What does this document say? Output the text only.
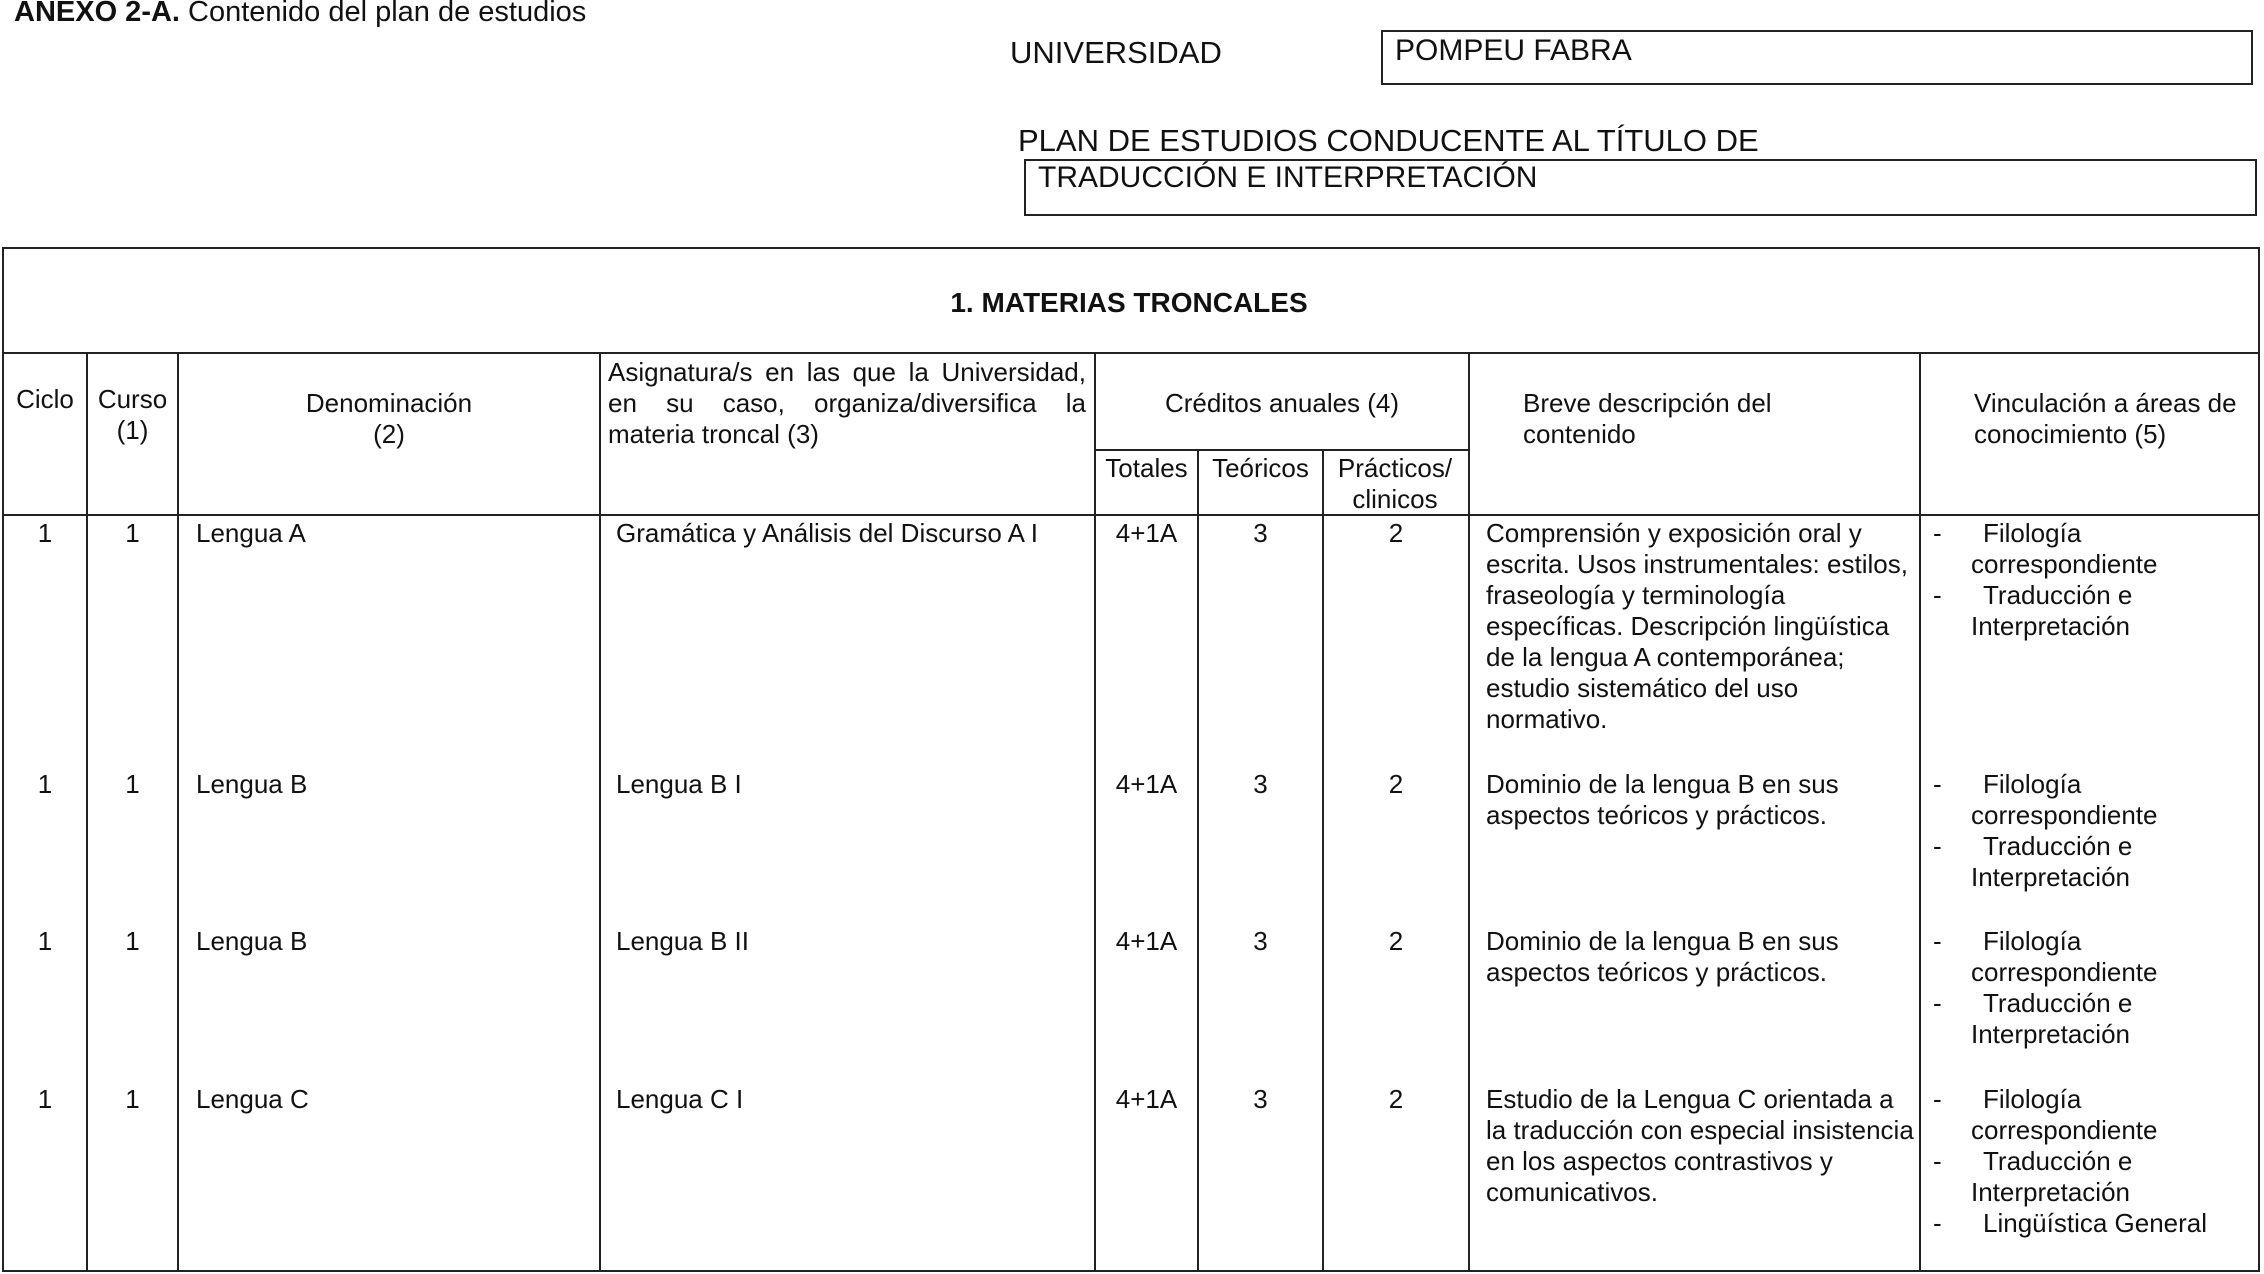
ANEXO 2-A. Contenido del plan de estudios
UNIVERSIDAD	POMPEU FABRA
PLAN DE ESTUDIOS CONDUCENTE AL TÍTULO DE
TRADUCCIÓN E INTERPRETACIÓN
1. MATERIAS TRONCALES
Ciclo Curso
(1)
Denominación
(2)
Asignatura/s en las que la Universidad, en su caso, organiza/diversifica la materia troncal (3)
Créditos anuales (4)
Totales Teóricos	Prácticos/ clinicos
Breve descripción del contenido
Vinculación a áreas de conocimiento (5)
1	1	Lengua A	Gramática y Análisis del Discurso A I	4+1A	3	2	Comprensión y exposición oral y escrita. Usos instrumentales: estilos, fraseología y terminología específicas. Descripción lingüística de la lengua A contemporánea; estudio sistemático del uso normativo.
- Filología
correspondiente
- Traducción e
Interpretación
1	1	Lengua B	Lengua B I	4+1A	3	2	Dominio de la lengua B en sus aspectos teóricos y prácticos.
- Filología
correspondiente
- Traducción e
Interpretación
1	1	Lengua B	Lengua B II	4+1A	3	2	Dominio de la lengua B en sus aspectos teóricos y prácticos.
- Filología
correspondiente
- Traducción e
Interpretación
1	1	Lengua C	Lengua C I	4+1A	3	2	Estudio de la Lengua C orientada a la traducción con especial insistencia en los aspectos contrastivos y comunicativos.
- Filología
correspondiente
- Traducción e
Interpretación
- Lingüística General
